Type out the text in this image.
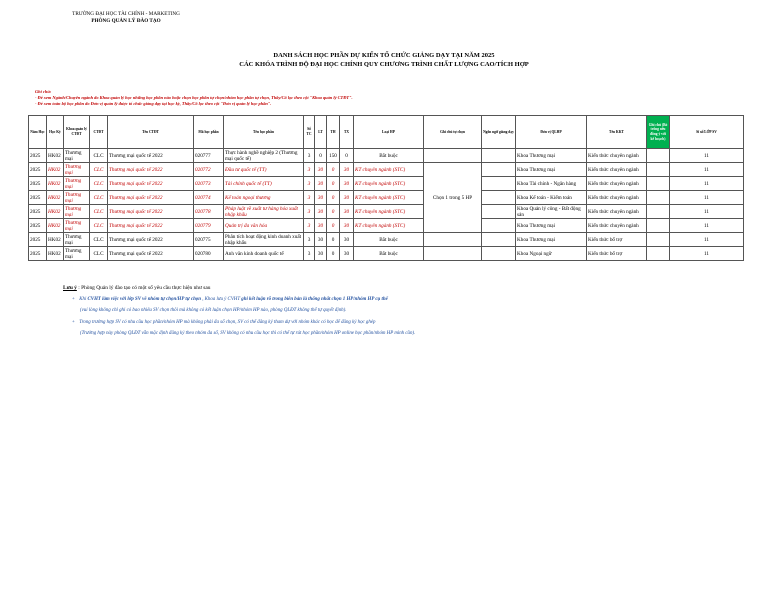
TRƯỜNG ĐẠI HỌC TÀI CHÍNH - MARKETING
PHÒNG QUẢN LÝ ĐÀO TẠO
DANH SÁCH HỌC PHẦN DỰ KIẾN TỔ CHỨC GIẢNG DẠY TẠI NĂM 2025
CÁC KHÓA TRÌNH ĐỘ ĐẠI HỌC CHÍNH QUY CHƯƠNG TRÌNH CHẤT LƯỢNG CAO/TÍCH HỢP
Ghi chú:
- Để xem Ngành/Chuyên ngành do Khoa quản lý học những học phần nào hoặc chọn học phần tự chọn/nhóm học phần tự chọn, Thầy/Cô lọc theo cột "Khoa quản lý CTĐT".
- Để xem toàn bộ học phần do Đơn vị quản lý được tổ chức giảng dạy tại học kỳ, Thầy/Cô lọc theo cột "Đơn vị quản lý học phần".
Năm Học	Học Kỳ	Khoa quản lý CTĐT	CTĐT	Tên CTĐT	Mã học phần	Tên học phần	Số TC	LT	TH	TX	Loại HP	Ghi chú tự chọn	Ngôn ngữ giảng dạy	Đơn vị QLHP	Tên KKT	Ghi chú (Bỏ trống nếu đồng ý với kế hoạch)	Sĩ số/LỚP SV
2025	HK02	Thương mại	CLC	Thương mại quốc tế 2022	020777	Thực hành nghề nghiệp 2 (Thương mại quốc tế)	3	0	150	0	Bắt buộc			Khoa Thương mại	Kiến thức chuyên ngành		11
2025	HK02	Thương mại	CLC	Thương mại quốc tế 2022	020772	Đầu tư quốc tế (TT)	3	30	0	30	KT chuyên ngành (STC)	Chọn 1 trong 5 HP		Khoa Thương mại	Kiến thức chuyên ngành		11
2025	HK02	Thương mại	CLC	Thương mại quốc tế 2022	020773	Tài chính quốc tế (TT)	3	30	0	30	KT chuyên ngành (STC)			Khoa Tài chính - Ngân hàng	Kiến thức chuyên ngành		11
2025	HK02	Thương mại	CLC	Thương mại quốc tế 2022	020774	Kế toán ngoại thương	3	30	0	30	KT chuyên ngành (STC)			Khoa Kế toán - Kiểm toán	Kiến thức chuyên ngành		11
2025	HK02	Thương mại	CLC	Thương mại quốc tế 2022	020778	Pháp luật về xuất tư hàng hóa xuất nhập khẩu	3	30	0	30	KT chuyên ngành (STC)			Khoa Quản lý công - Bất động sản	Kiến thức chuyên ngành		11
2025	HK02	Thương mại	CLC	Thương mại quốc tế 2022	020779	Quản trị đa văn hóa	3	30	0	30	KT chuyên ngành (STC)			Khoa Thương mại	Kiến thức chuyên ngành		11
2025	HK02	Thương mại	CLC	Thương mại quốc tế 2022	020775	Phân tích hoạt động kinh doanh xuất nhập khẩu	3	30	0	30	Bắt buộc			Khoa Thương mại	Kiến thức bổ trợ		11
2025	HK02	Thương mại	CLC	Thương mại quốc tế 2022	020780	Anh văn kinh doanh quốc tế	3	30	0	30	Bắt buộc			Khoa Ngoại ngữ	Kiến thức bổ trợ		11
Lưu ý : Phòng Quản lý đào tạo có một số yêu cầu thực hiện như sau
+ Khi CVHT làm việc với lớp SV về nhóm tự chọn/HP tự chọn , Khoa lưu ý CVHT ghi kết luận rõ trong biên bản là thống nhất chọn 1 HP/nhóm HP cụ thể
(vui lòng không chỉ ghi có bao nhiêu SV chọn thôi mà không có kết luận chọn HP/nhóm HP nào, phòng QLĐT không thể tự quyết định).
+ Trong trường hợp SV có nhu cầu học phần/nhóm HP mà không phải đa số chọn, SV có thể đăng ký tham dự với nhóm khác có học để đăng ký học ghép
(Trường hợp này phòng QLĐT vẫn mặc định đăng ký theo nhóm đa số, SV không có nhu cầu học thì có thể tự rút học phần/nhóm HP online học phần/nhóm HP mình cần).
